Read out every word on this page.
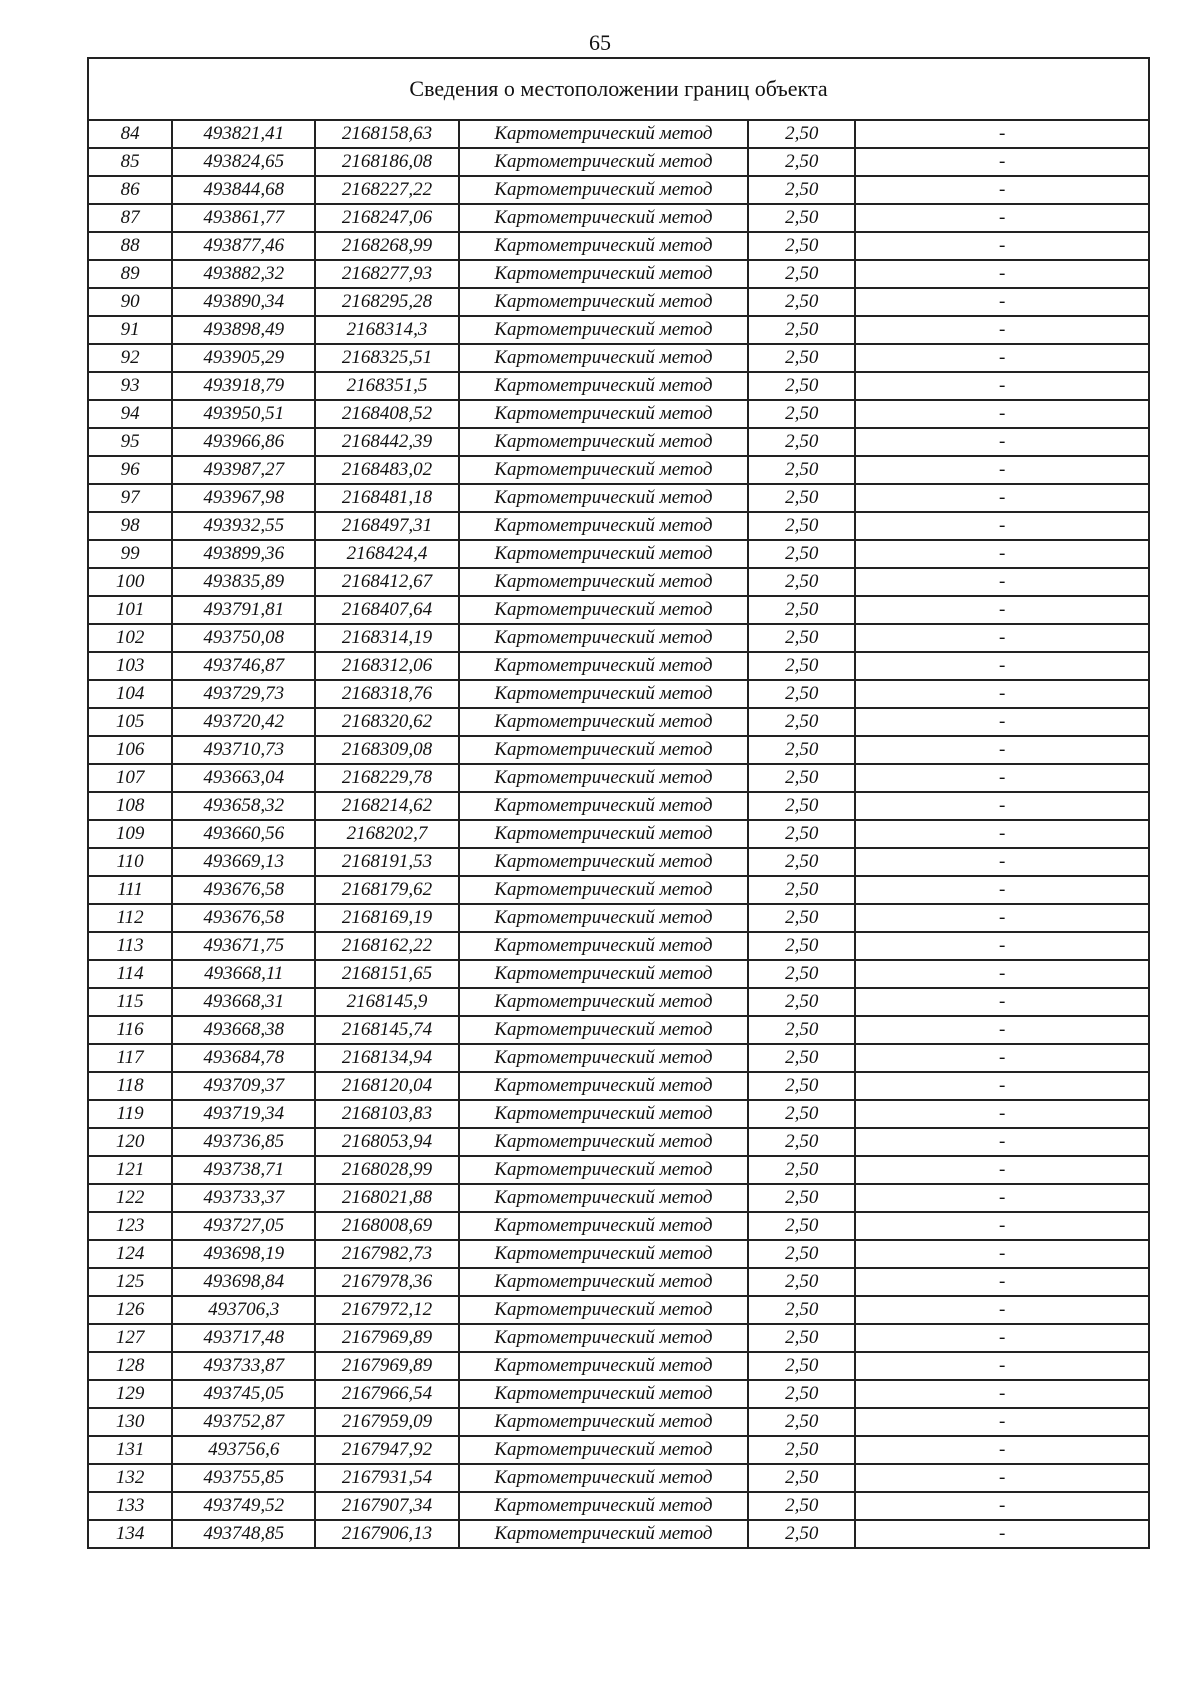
65
Сведения о местоположении границ объекта					
84	493821,41	2168158,63	Картометрический метод	2,50	-
85	493824,65	2168186,08	Картометрический метод	2,50	-
86	493844,68	2168227,22	Картометрический метод	2,50	-
87	493861,77	2168247,06	Картометрический метод	2,50	-
88	493877,46	2168268,99	Картометрический метод	2,50	-
89	493882,32	2168277,93	Картометрический метод	2,50	-
90	493890,34	2168295,28	Картометрический метод	2,50	-
91	493898,49	2168314,3	Картометрический метод	2,50	-
92	493905,29	2168325,51	Картометрический метод	2,50	-
93	493918,79	2168351,5	Картометрический метод	2,50	-
94	493950,51	2168408,52	Картометрический метод	2,50	-
95	493966,86	2168442,39	Картометрический метод	2,50	-
96	493987,27	2168483,02	Картометрический метод	2,50	-
97	493967,98	2168481,18	Картометрический метод	2,50	-
98	493932,55	2168497,31	Картометрический метод	2,50	-
99	493899,36	2168424,4	Картометрический метод	2,50	-
100	493835,89	2168412,67	Картометрический метод	2,50	-
101	493791,81	2168407,64	Картометрический метод	2,50	-
102	493750,08	2168314,19	Картометрический метод	2,50	-
103	493746,87	2168312,06	Картометрический метод	2,50	-
104	493729,73	2168318,76	Картометрический метод	2,50	-
105	493720,42	2168320,62	Картометрический метод	2,50	-
106	493710,73	2168309,08	Картометрический метод	2,50	-
107	493663,04	2168229,78	Картометрический метод	2,50	-
108	493658,32	2168214,62	Картометрический метод	2,50	-
109	493660,56	2168202,7	Картометрический метод	2,50	-
110	493669,13	2168191,53	Картометрический метод	2,50	-
111	493676,58	2168179,62	Картометрический метод	2,50	-
112	493676,58	2168169,19	Картометрический метод	2,50	-
113	493671,75	2168162,22	Картометрический метод	2,50	-
114	493668,11	2168151,65	Картометрический метод	2,50	-
115	493668,31	2168145,9	Картометрический метод	2,50	-
116	493668,38	2168145,74	Картометрический метод	2,50	-
117	493684,78	2168134,94	Картометрический метод	2,50	-
118	493709,37	2168120,04	Картометрический метод	2,50	-
119	493719,34	2168103,83	Картометрический метод	2,50	-
120	493736,85	2168053,94	Картометрический метод	2,50	-
121	493738,71	2168028,99	Картометрический метод	2,50	-
122	493733,37	2168021,88	Картометрический метод	2,50	-
123	493727,05	2168008,69	Картометрический метод	2,50	-
124	493698,19	2167982,73	Картометрический метод	2,50	-
125	493698,84	2167978,36	Картометрический метод	2,50	-
126	493706,3	2167972,12	Картометрический метод	2,50	-
127	493717,48	2167969,89	Картометрический метод	2,50	-
128	493733,87	2167969,89	Картометрический метод	2,50	-
129	493745,05	2167966,54	Картометрический метод	2,50	-
130	493752,87	2167959,09	Картометрический метод	2,50	-
131	493756,6	2167947,92	Картометрический метод	2,50	-
132	493755,85	2167931,54	Картометрический метод	2,50	-
133	493749,52	2167907,34	Картометрический метод	2,50	-
134	493748,85	2167906,13	Картометрический метод	2,50	-
